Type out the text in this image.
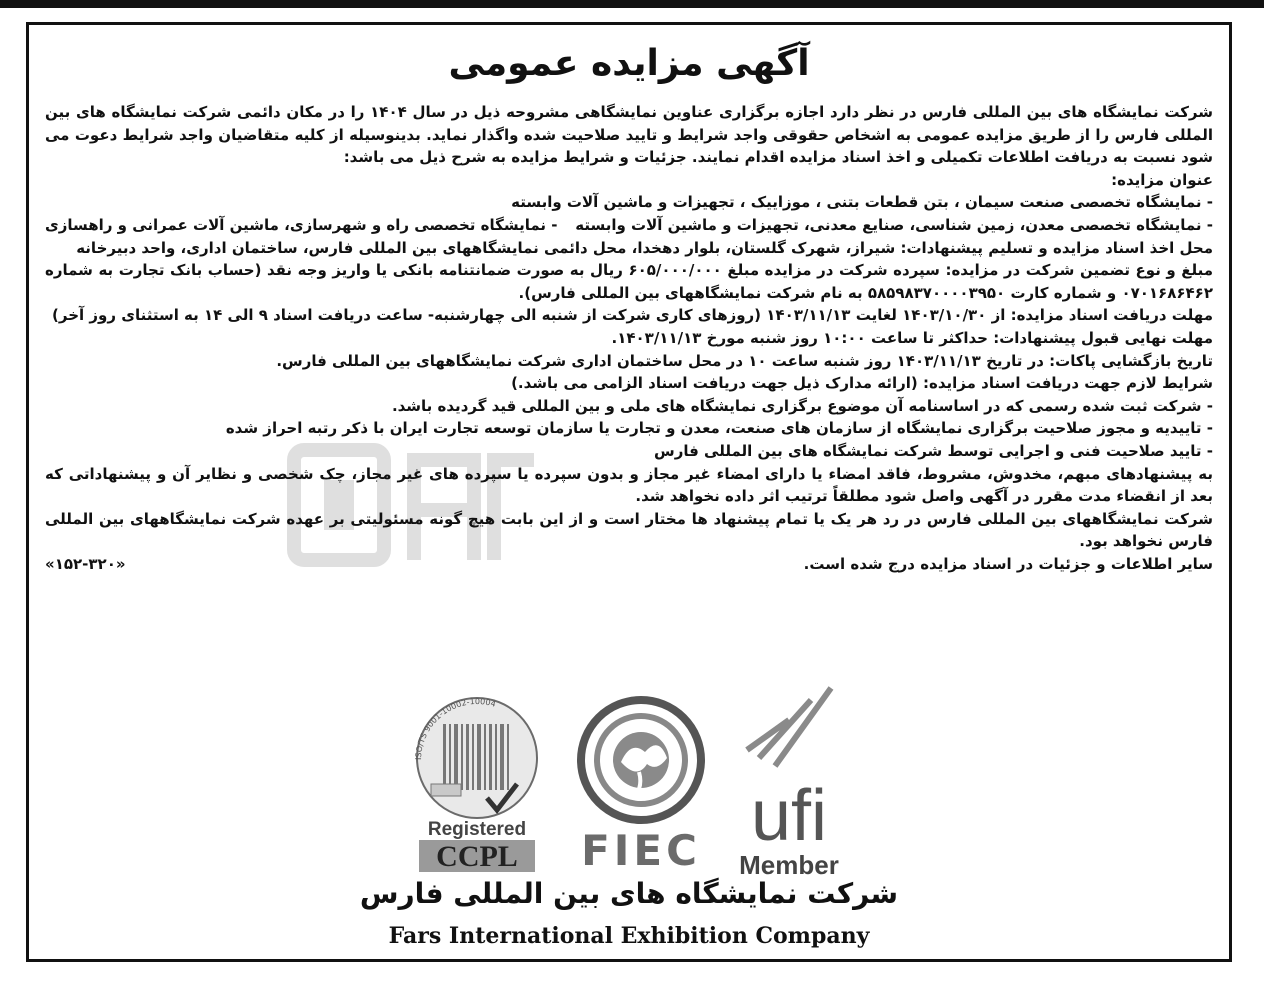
آگهی مزایده عمومی

شرکت نمایشگاه های بین المللی فارس در نظر دارد اجازه برگزاری عناوین نمایشگاهی مشروحه ذیل در سال ۱۴۰۴ را در مکان دائمی شرکت نمایشگاه های بین المللی فارس را از طریق مزایده عمومی به اشخاص حقوقی واجد شرایط و تایید صلاحیت شده واگذار نماید. بدینوسیله از کلیه متقاضیان واجد شرایط دعوت می شود نسبت به دریافت اطلاعات تکمیلی و اخذ اسناد مزایده اقدام نمایند. جزئیات و شرایط مزایده به شرح ذیل می باشد:

عنوان مزایده:

- نمایشگاه تخصصی صنعت سیمان ، بتن قطعات بتنی ، موزاییک ، تجهیزات و ماشین آلات وابسته

- نمایشگاه تخصصی معدن، زمین شناسی، صنایع معدنی، تجهیزات و ماشین آلات وابسته
- نمایشگاه تخصصی راه و شهرسازی، ماشین آلات عمرانی و راهسازی

محل اخذ اسناد مزایده و تسلیم پیشنهادات: شیراز، شهرک گلستان، بلوار دهخدا، محل دائمی نمایشگاههای بین المللی فارس، ساختمان اداری، واحد دبیرخانه

مبلغ و نوع تضمین شرکت در مزایده: سپرده شرکت در مزایده مبلغ ۶۰۵/۰۰۰/۰۰۰ ریال به صورت ضمانتنامه بانکی یا واریز وجه نقد (حساب بانک تجارت به شماره ۰۷۰۱۶۸۶۴۶۲ و شماره کارت ۵۸۵۹۸۳۷۰۰۰۰۳۹۵۰ به نام شرکت نمایشگاههای بین المللی فارس).

مهلت دریافت اسناد مزایده: از ۱۴۰۳/۱۰/۳۰ لغایت ۱۴۰۳/۱۱/۱۳ (روزهای کاری شرکت از شنبه الی چهارشنبه- ساعت دریافت اسناد ۹ الی ۱۴ به استثنای روز آخر)

مهلت نهایی قبول پیشنهادات: حداکثر تا ساعت ۱۰:۰۰ روز شنبه مورخ ۱۴۰۳/۱۱/۱۳.

تاریخ بازگشایی پاکات: در تاریخ ۱۴۰۳/۱۱/۱۳ روز شنبه ساعت ۱۰ در محل ساختمان اداری شرکت نمایشگاههای بین المللی فارس.

شرایط لازم جهت دریافت اسناد مزایده: (ارائه مدارک ذیل جهت دریافت اسناد الزامی می باشد.)

- شرکت ثبت شده رسمی که در اساسنامه آن موضوع برگزاری نمایشگاه های ملی و بین المللی قید گردیده باشد.

- تاییدیه و مجوز صلاحیت برگزاری نمایشگاه از سازمان های صنعت، معدن و تجارت یا سازمان توسعه تجارت ایران با ذکر رتبه احراز شده

- تایید صلاحیت فنی و اجرایی توسط شرکت نمایشگاه های بین المللی فارس

به پیشنهادهای مبهم، مخدوش، مشروط، فاقد امضاء یا دارای امضاء غیر مجاز و بدون سپرده یا سپرده های غیر مجاز، چک شخصی و نظایر آن و پیشنهاداتی که بعد از انقضاء مدت مقرر در آگهی واصل شود مطلقاً ترتیب اثر داده نخواهد شد.

شرکت نمایشگاههای بین المللی فارس در رد هر یک یا تمام پیشنهاد ها مختار است و از این بابت هیچ گونه مسئولیتی بر عهده شرکت نمایشگاههای بین المللی فارس نخواهد بود.

سایر اطلاعات و جزئیات در اسناد مزایده درج شده است.
«۱۵۲-۳۲۰»
ISO/TS 9001-10002-10004
Registered
CCPL FIEC ufi
Member
شرکت نمایشگاه های بین المللی فارس
Fars International Exhibition Company
